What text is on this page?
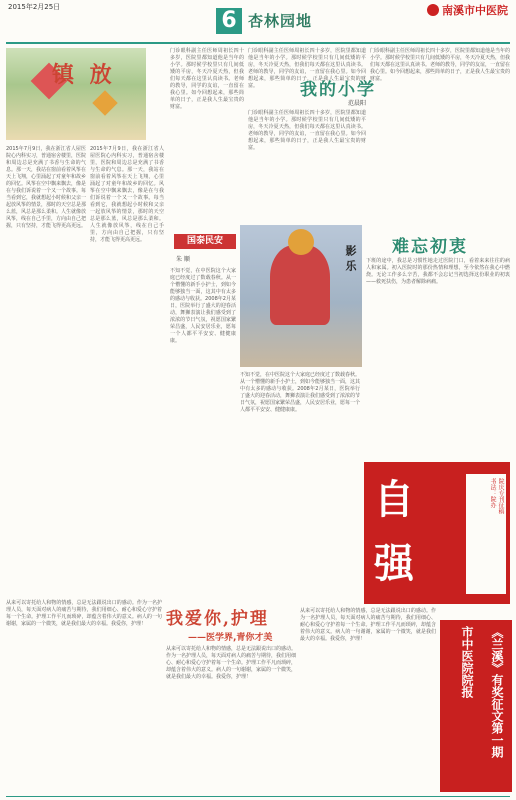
2015年2月25日
6 杏林园地
南溪市中医院
镇 放
2015年7月9日，我在浙江省人屋医院心内科实习，普通宿舍楼里，医院和周边总是充满了书香与生命的气息。那一天，我站在窗前看着风筝在天上飞翔，心里涌起了对童年和故乡的回忆。风筝在空中飘来飘去，像是在与我们诉说着一个又一个故事。每当看到它，我就想起小时候和父亲一起放风筝的情景，那时的天空总是那么蓝，风总是那么柔和。人生就像放风筝，线在自己手里，方向由自己把握，只有坚持，才能飞得更高更远。
2015年7月9日，我在浙江省人屋医院心内科实习，普通宿舍楼里，医院和周边总是充满了书香与生命的气息。那一天，我站在窗前看着风筝在天上飞翔，心里涌起了对童年和故乡的回忆。风筝在空中飘来飘去，像是在与我们诉说着一个又一个故事。每当看到它，我就想起小时候和父亲一起放风筝的情景，那时的天空总是那么蓝，风总是那么柔和。人生就像放风筝，线在自己手里，方向由自己把握，只有坚持，才能飞得更高更远。
门诊眼科副主任医师周祖长四十多岁，医院里都知道他是当年的小学。那时候学校里只有几间低矮的平房，冬天冷夏天热，但我们每天都在这里认真读书。老师的教导，同学的友谊，一直留在我心里。如今回想起来，那些简单的日子，正是我人生最宝贵的财富。
门诊眼科副主任医师周祖长四十多岁，医院里都知道他是当年的小学。那时候学校里只有几间低矮的平房，冬天冷夏天热，但我们每天都在这里认真读书。老师的教导，同学的友谊，一直留在我心里。如今回想起来，那些简单的日子，正是我人生最宝贵的财富。	我的小学
范晨阳
门诊眼科副主任医师周祖长四十多岁，医院里都知道他是当年的小学。那时候学校里只有几间低矮的平房，冬天冷夏天热，但我们每天都在这里认真读书。老师的教导，同学的友谊，一直留在我心里。如今回想起来，那些简单的日子，正是我人生最宝贵的财富。
门诊眼科副主任医师周祖长四十多岁，医院里都知道他是当年的小学。那时候学校里只有几间低矮的平房，冬天冷夏天热，但我们每天都在这里认真读书。老师的教导，同学的友谊，一直留在我心里。如今回想起来，那些简单的日子，正是我人生最宝贵的财富。
国泰民安
朱 顺	影 乐
不知不觉，在中医院这个大家庭已经度过了数载春秋。从一个懵懂的新手小护士，到如今能够独当一面，这其中有太多的感动与收获。2008年2月某日，医院举行了盛大的迎春活动，舞狮表演让我们感受到了浓浓的节日气氛，祝愿国家繁荣昌盛，人民安居乐业，愿每一个人都平平安安、健健康康。
不知不觉，在中医院这个大家庭已经度过了数载春秋。从一个懵懂的新手小护士，到如今能够独当一面，这其中有太多的感动与收获。2008年2月某日，医院举行了盛大的迎春活动，舞狮表演让我们感受到了浓浓的节日气氛，祝愿国家繁荣昌盛，人民安居乐业，愿每一个人都平平安安、健健康康。
难忘初衷
下班的途中，我总是习惯性地走过医院门口，看着来来往往的病人和家属。初入医院时的那份热情和理想，至今依然在我心中燃烧。无论工作多么辛苦，我都不会忘记当初选择这份职业的初衷——救死扶伤，为患者解除病痛。
自
强
院庆专刊征稿
书法：院办
从来可以寄托给人和物的情感，总是无法跟说出口的感动。作为一名护理人员，每天面对病人的痛苦与期待，我们用细心、耐心和爱心守护着每一个生命。护理工作平凡而琐碎，却蕴含着伟大的意义。病人的一句谢谢，家属的一个微笑，就是我们最大的幸福。我爱你，护理！	我爱你,护理
——医学界,青你才美
从来可以寄托给人和物的情感，总是无法跟说出口的感动。作为一名护理人员，每天面对病人的痛苦与期待，我们用细心、耐心和爱心守护着每一个生命。护理工作平凡而琐碎，却蕴含着伟大的意义。病人的一句谢谢，家属的一个微笑，就是我们最大的幸福。我爱你，护理！
从来可以寄托给人和物的情感，总是无法跟说出口的感动。作为一名护理人员，每天面对病人的痛苦与期待，我们用细心、耐心和爱心守护着每一个生命。护理工作平凡而琐碎，却蕴含着伟大的意义。病人的一句谢谢，家属的一个微笑，就是我们最大的幸福。我爱你，护理！	市中医院院报 《兰溪》有奖征文第一期
